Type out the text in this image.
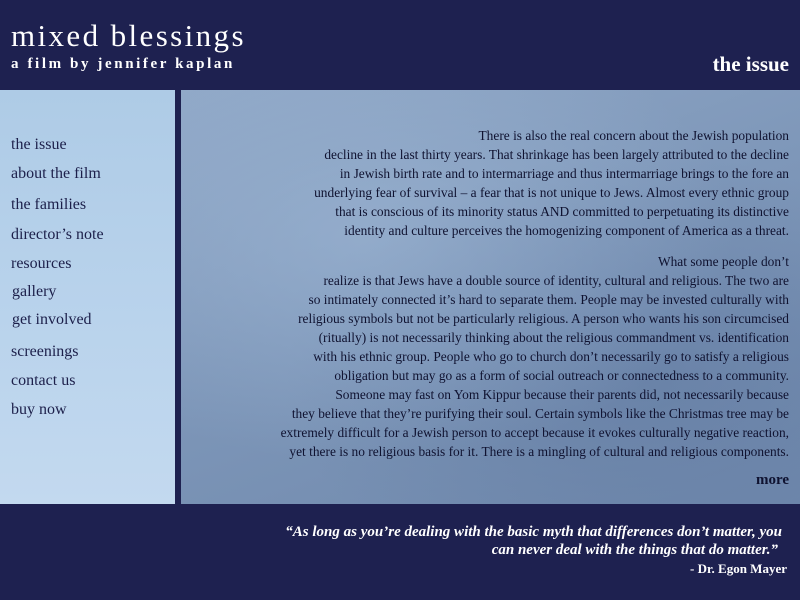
mixed blessings
a film by jennifer kaplan	the issue
the issue
about the film
the families
director’s note
resources
gallery
get involved
screenings
contact us
buy now
There is also the real concern about the Jewish population
decline in the last thirty years. That shrinkage has been largely attributed to the decline
in Jewish birth rate and to intermarriage and thus intermarriage brings to the fore an
underlying fear of survival – a fear that is not unique to Jews. Almost every ethnic group
that is conscious of its minority status AND committed to perpetuating its distinctive
identity and culture perceives the homogenizing component of America as a threat.
What some people don’t
realize is that Jews have a double source of identity, cultural and religious. The two are
so intimately connected it’s hard to separate them. People may be invested culturally with
religious symbols but not be particularly religious. A person who wants his son circumcised
(ritually) is not necessarily thinking about the religious commandment vs. identification
with his ethnic group. People who go to church don’t necessarily go to satisfy a religious
obligation but may go as a form of social outreach or connectedness to a community.
Someone may fast on Yom Kippur because their parents did, not necessarily because
they believe that they’re purifying their soul. Certain symbols like the Christmas tree may be
extremely difficult for a Jewish person to accept because it evokes culturally negative reaction,
yet there is no religious basis for it. There is a mingling of cultural and religious components.
more
“As long as you’re dealing with the basic myth that differences don’t matter, you
can never deal with the things that do matter.”
- Dr. Egon Mayer
